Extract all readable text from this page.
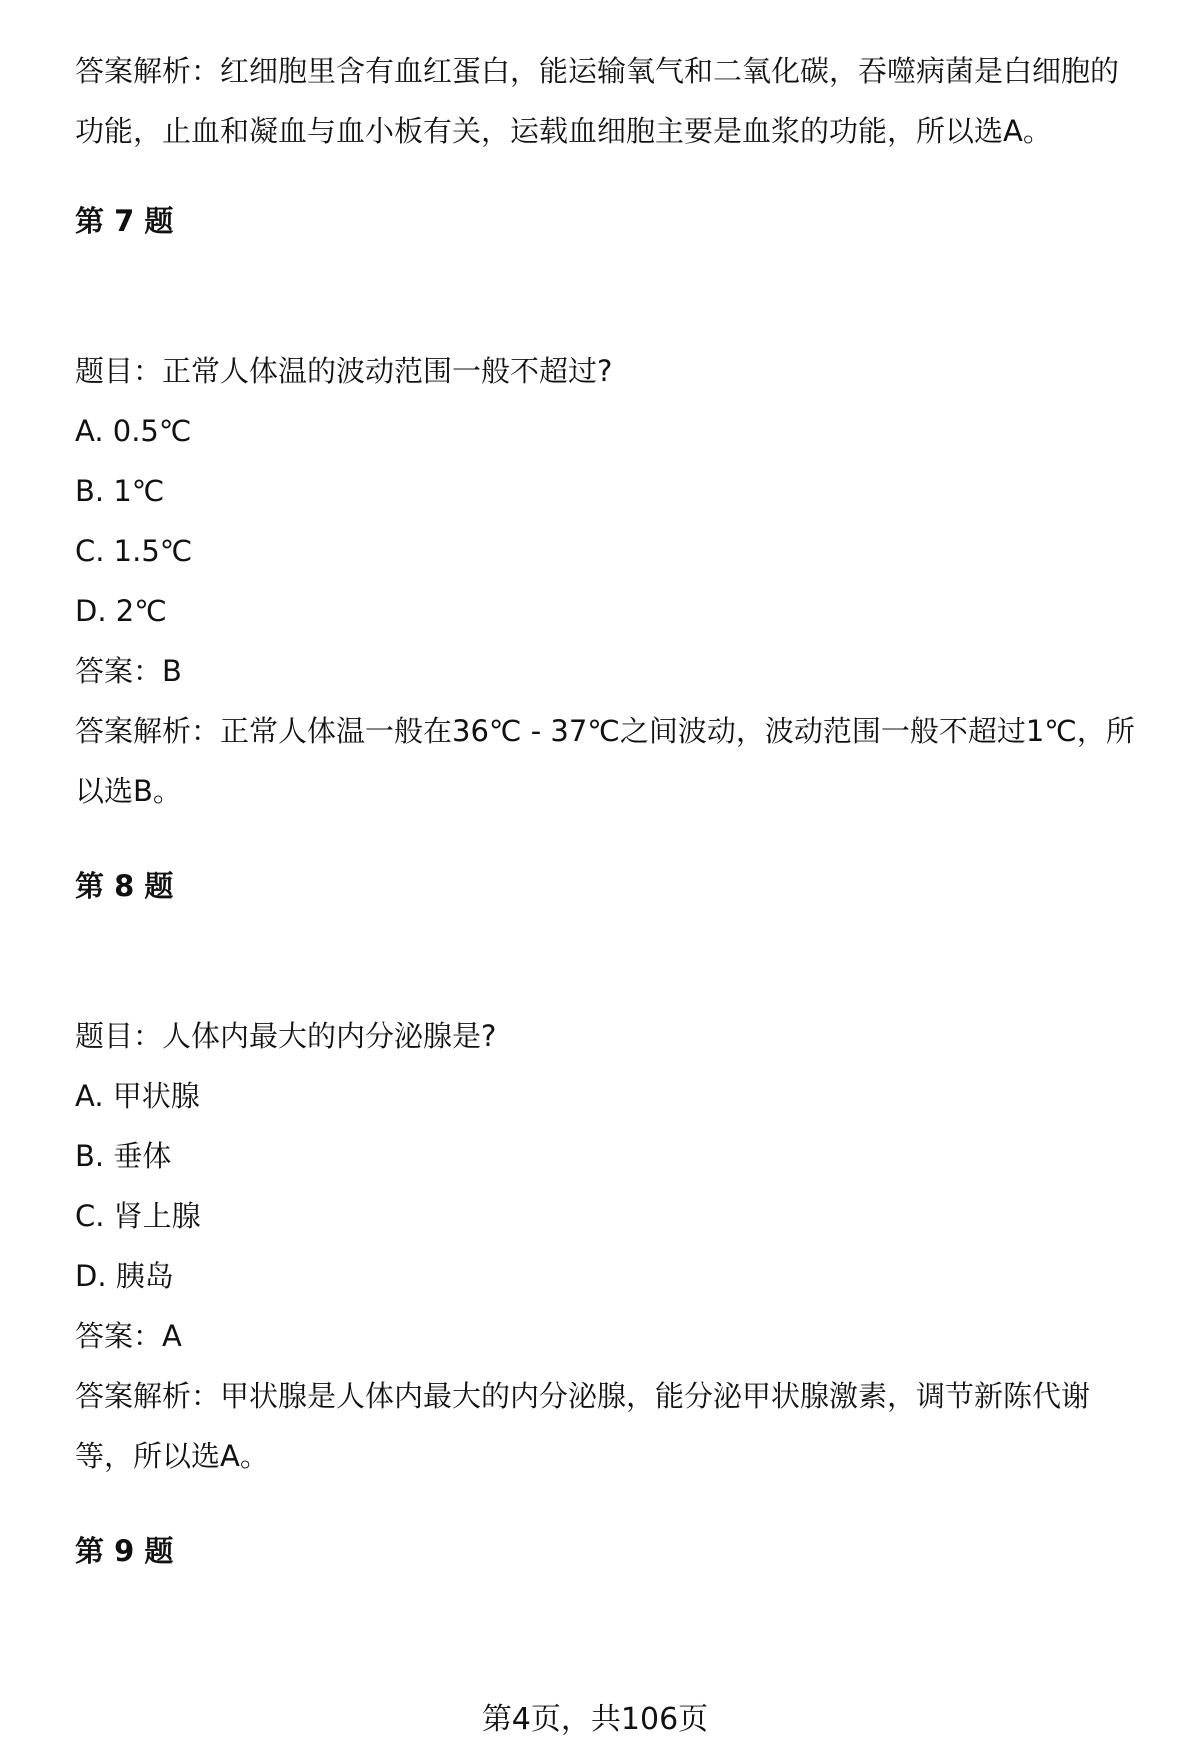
答案解析：红细胞里含有血红蛋白，能运输氧气和二氧化碳，吞噬病菌是白细胞的
功能，止血和凝血与血小板有关，运载血细胞主要是血浆的功能，所以选A。
第 7 题
题目：正常人体温的波动范围一般不超过?
A. 0.5℃
B. 1℃
C. 1.5℃
D. 2℃
答案：B
答案解析：正常人体温一般在36℃ - 37℃之间波动，波动范围一般不超过1℃，所
以选B。
第 8 题
题目：人体内最大的内分泌腺是?
A. 甲状腺
B. 垂体
C. 肾上腺
D. 胰岛
答案：A
答案解析：甲状腺是人体内最大的内分泌腺，能分泌甲状腺激素，调节新陈代谢
等，所以选A。
第 9 题
第4页，共106页
